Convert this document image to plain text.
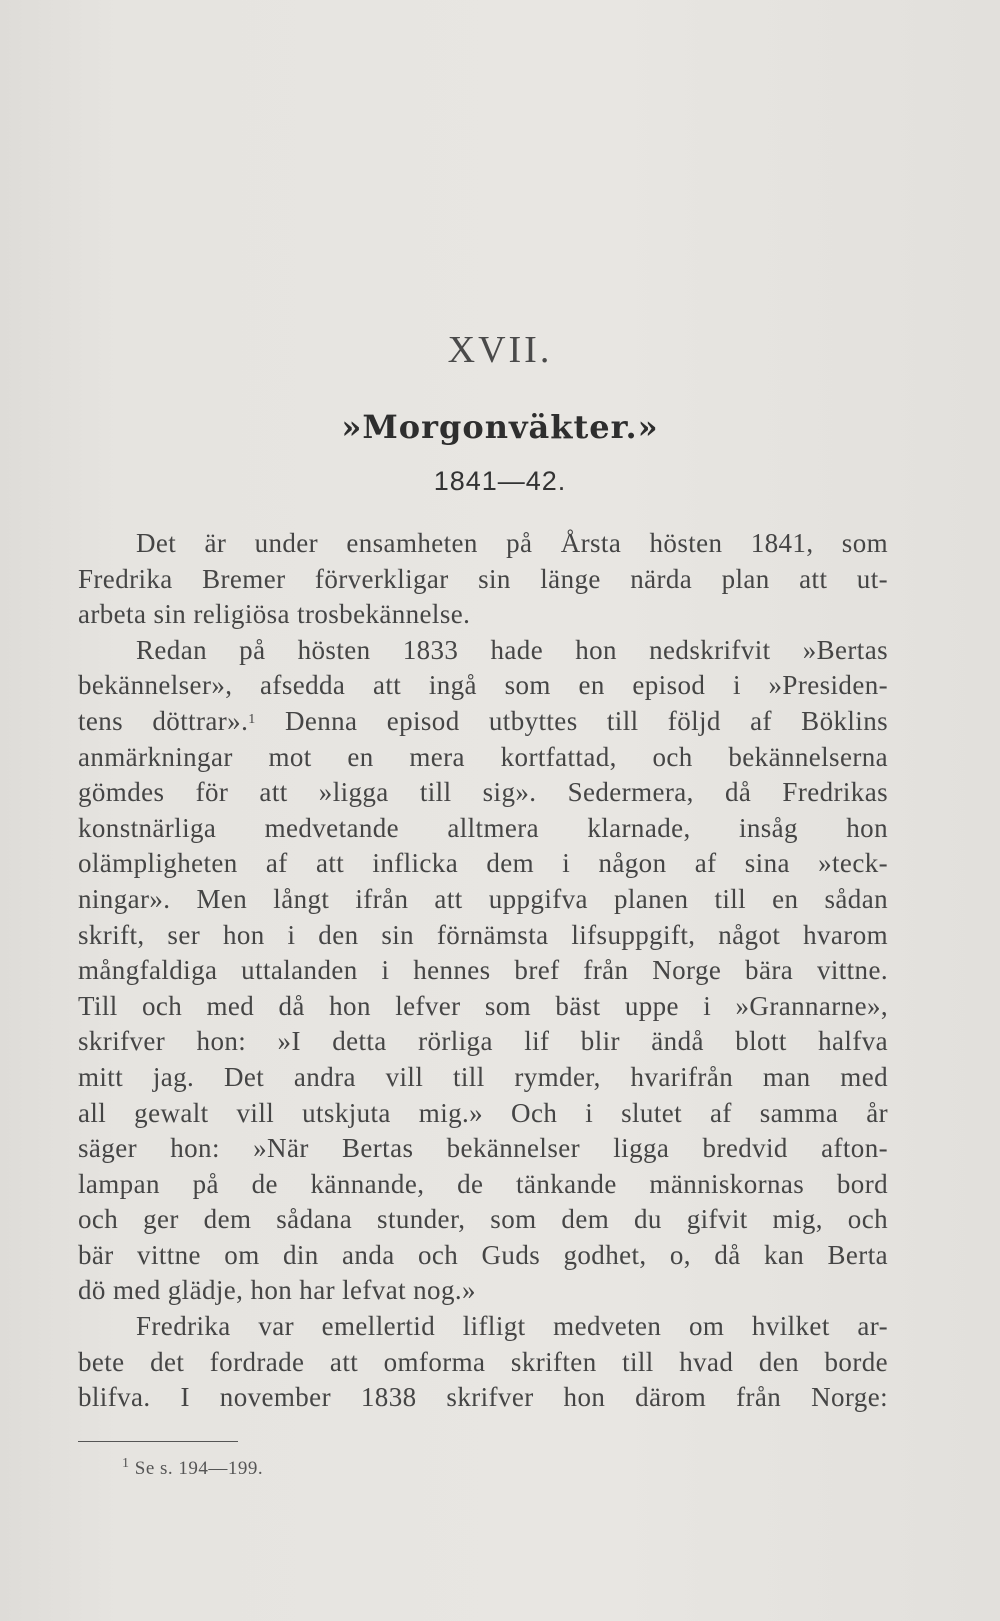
XVII.
»Morgonväkter.»
1841—42.
Det är under ensamheten på Årsta hösten 1841, som
Fredrika Bremer förverkligar sin länge närda plan att ut-
arbeta sin religiösa trosbekännelse.
Redan på hösten 1833 hade hon nedskrifvit »Bertas
bekännelser», afsedda att ingå som en episod i »Presiden-
tens döttrar».$^1$ Denna episod utbyttes till följd af Böklins
anmärkningar mot en mera kortfattad, och bekännelserna
gömdes för att »ligga till sig». Sedermera, då Fredrikas
konstnärliga medvetande alltmera klarnade, insåg hon
olämpligheten af att inflicka dem i någon af sina »teck-
ningar». Men långt ifrån att uppgifva planen till en sådan
skrift, ser hon i den sin förnämsta lifsuppgift, något hvarom
mångfaldiga uttalanden i hennes bref från Norge bära vittne.
Till och med då hon lefver som bäst uppe i »Grannarne»,
skrifver hon: »I detta rörliga lif blir ändå blott halfva
mitt jag. Det andra vill till rymder, hvarifrån man med
all gewalt vill utskjuta mig.» Och i slutet af samma år
säger hon: »När Bertas bekännelser ligga bredvid afton-
lampan på de kännande, de tänkande människornas bord
och ger dem sådana stunder, som dem du gifvit mig, och
bär vittne om din anda och Guds godhet, o, då kan Berta
dö med glädje, hon har lefvat nog.»
Fredrika var emellertid lifligt medveten om hvilket ar-
bete det fordrade att omforma skriften till hvad den borde
blifva. I november 1838 skrifver hon därom från Norge:
$^1$ Se s. 194—199.
